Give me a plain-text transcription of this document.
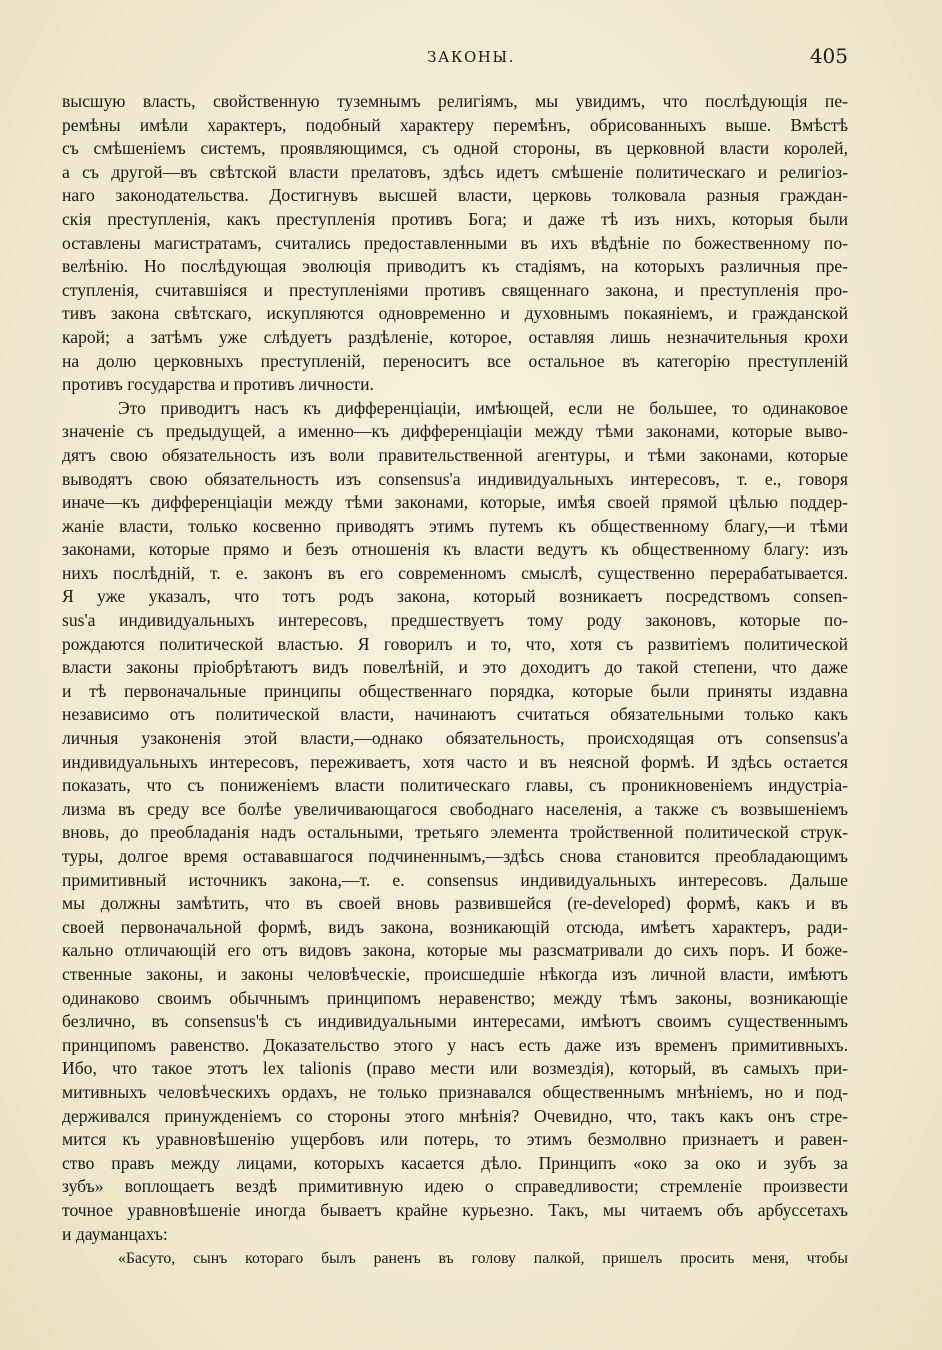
ЗАКОНЫ.	405
высшую власть, свойственную туземнымъ религіямъ, мы увидимъ, что послѣдующія пе-
ремѣны имѣли характеръ, подобный характеру перемѣнъ, обрисованныхъ выше. Вмѣстѣ
съ смѣшеніемъ системъ, проявляющимся, съ одной стороны, въ церковной власти королей,
а съ другой—въ свѣтской власти прелатовъ, здѣсь идетъ смѣшеніе политическаго и религіоз-
наго законодательства. Достигнувъ высшей власти, церковь толковала разныя граждан-
скія преступленія, какъ преступленія противъ Бога; и даже тѣ изъ нихъ, которыя были
оставлены магистратамъ, считались предоставленными въ ихъ вѣдѣніе по божественному по-
велѣнію. Но послѣдующая эволюція приводитъ къ стадіямъ, на которыхъ различныя пре-
ступленія, считавшіяся и преступленіями противъ священнаго закона, и преступленія про-
тивъ закона свѣтскаго, искупляются одновременно и духовнымъ покаяніемъ, и гражданской
карой; а затѣмъ уже слѣдуетъ раздѣленіе, которое, оставляя лишь незначительныя крохи
на долю церковныхъ преступленій, переноситъ все остальное въ категорію преступленій
противъ государства и противъ личности.
Это приводитъ насъ къ дифференціаціи, имѣющей, если не большее, то одинаковое
значеніе съ предыдущей, а именно—къ дифференціаціи между тѣми законами, которые выво-
дятъ свою обязательность изъ воли правительственной агентуры, и тѣми законами, которые
выводятъ свою обязательность изъ consensus'а индивидуальныхъ интересовъ, т. е., говоря
иначе—къ дифференціаціи между тѣми законами, которые, имѣя своей прямой цѣлью поддер-
жаніе власти, только косвенно приводятъ этимъ путемъ къ общественному благу,—и тѣми
законами, которые прямо и безъ отношенія къ власти ведутъ къ общественному благу: изъ
нихъ послѣдній, т. е. законъ въ его современномъ смыслѣ, существенно перерабатывается.
Я уже указалъ, что тотъ родъ закона, который возникаетъ посредствомъ consen-
sus'а индивидуальныхъ интересовъ, предшествуетъ тому роду законовъ, которые по-
рождаются политической властью. Я говорилъ и то, что, хотя съ развитіемъ политической
власти законы пріобрѣтаютъ видъ повелѣній, и это доходитъ до такой степени, что даже
и тѣ первоначальные принципы общественнаго порядка, которые были приняты издавна
независимо отъ политической власти, начинаютъ считаться обязательными только какъ
личныя узаконенія этой власти,—однако обязательность, происходящая отъ consensus'а
индивидуальныхъ интересовъ, переживаетъ, хотя часто и въ неясной формѣ. И здѣсь остается
показать, что съ пониженіемъ власти политическаго главы, съ проникновеніемъ индустріа-
лизма въ среду все болѣе увеличивающагося свободнаго населенія, а также съ возвышеніемъ
вновь, до преобладанія надъ остальными, третьяго элемента тройственной политической струк-
туры, долгое время остававшагося подчиненнымъ,—здѣсь снова становится преобладающимъ
примитивный источникъ закона,—т. е. consensus индивидуальныхъ интересовъ. Дальше
мы должны замѣтить, что въ своей вновь развившейся (re-developed) формѣ, какъ и въ
своей первоначальной формѣ, видъ закона, возникающій отсюда, имѣетъ характеръ, ради-
кально отличающій его отъ видовъ закона, которые мы разсматривали до сихъ поръ. И боже-
ственные законы, и законы человѣческіе, происшедшіе нѣкогда изъ личной власти, имѣютъ
одинаково своимъ обычнымъ принципомъ неравенство; между тѣмъ законы, возникающіе
безлично, въ consensus'ѣ съ индивидуальными интересами, имѣютъ своимъ существеннымъ
принципомъ равенство. Доказательство этого у насъ есть даже изъ временъ примитивныхъ.
Ибо, что такое этотъ lex talionis (право мести или возмездія), который, въ самыхъ при-
митивныхъ человѣческихъ ордахъ, не только признавался общественнымъ мнѣніемъ, но и под-
держивался принужденіемъ со стороны этого мнѣнія? Очевидно, что, такъ какъ онъ стре-
мится къ уравновѣшенію ущербовъ или потерь, то этимъ безмолвно признаетъ и равен-
ство правъ между лицами, которыхъ касается дѣло. Принципъ «око за око и зубъ за
зубъ» воплощаетъ вездѣ примитивную идею о справедливости; стремленіе произвести
точное уравновѣшеніе иногда бываетъ крайне курьезно. Такъ, мы читаемъ объ арбуссетахъ
и дауманцахъ:
«Басуто, сынъ котораго былъ раненъ въ голову палкой, пришелъ просить меня, чтобы
